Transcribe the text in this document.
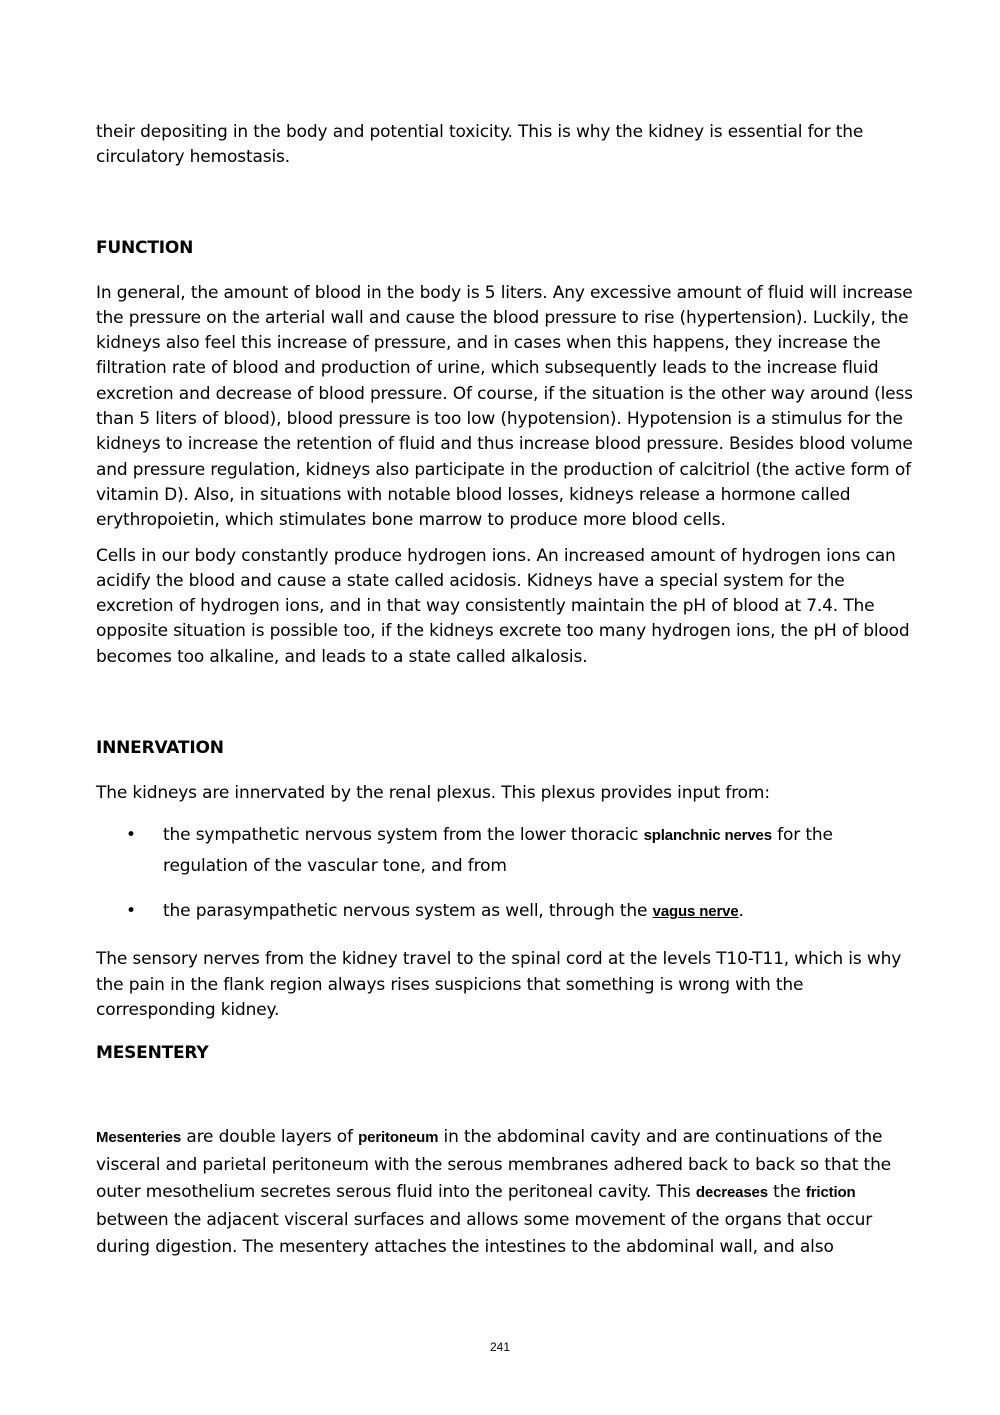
their depositing in the body and potential toxicity. This is why the kidney is essential for the circulatory hemostasis.

FUNCTION

In general, the amount of blood in the body is 5 liters. Any excessive amount of fluid will increase the pressure on the arterial wall and cause the blood pressure to rise (hypertension). Luckily, the kidneys also feel this increase of pressure, and in cases when this happens, they increase the filtration rate of blood and production of urine, which subsequently leads to the increase fluid excretion and decrease of blood pressure. Of course, if the situation is the other way around (less than 5 liters of blood), blood pressure is too low (hypotension). Hypotension is a stimulus for the kidneys to increase the retention of fluid and thus increase blood pressure. Besides blood volume and pressure regulation, kidneys also participate in the production of calcitriol (the active form of vitamin D). Also, in situations with notable blood losses, kidneys release a hormone called erythropoietin, which stimulates bone marrow to produce more blood cells.

Cells in our body constantly produce hydrogen ions. An increased amount of hydrogen ions can acidify the blood and cause a state called acidosis. Kidneys have a special system for the excretion of hydrogen ions, and in that way consistently maintain the pH of blood at 7.4. The opposite situation is possible too, if the kidneys excrete too many hydrogen ions, the pH of blood becomes too alkaline, and leads to a state called alkalosis.

INNERVATION

The kidneys are innervated by the renal plexus. This plexus provides input from:

• the sympathetic nervous system from the lower thoracic splanchnic nerves for the regulation of the vascular tone, and from
• the parasympathetic nervous system as well, through the vagus nerve.

The sensory nerves from the kidney travel to the spinal cord at the levels T10-T11, which is why the pain in the flank region always rises suspicions that something is wrong with the corresponding kidney.

MESENTERY

Mesenteries are double layers of peritoneum in the abdominal cavity and are continuations of the visceral and parietal peritoneum with the serous membranes adhered back to back so that the outer mesothelium secretes serous fluid into the peritoneal cavity. This decreases the friction between the adjacent visceral surfaces and allows some movement of the organs that occur during digestion. The mesentery attaches the intestines to the abdominal wall, and also

241
